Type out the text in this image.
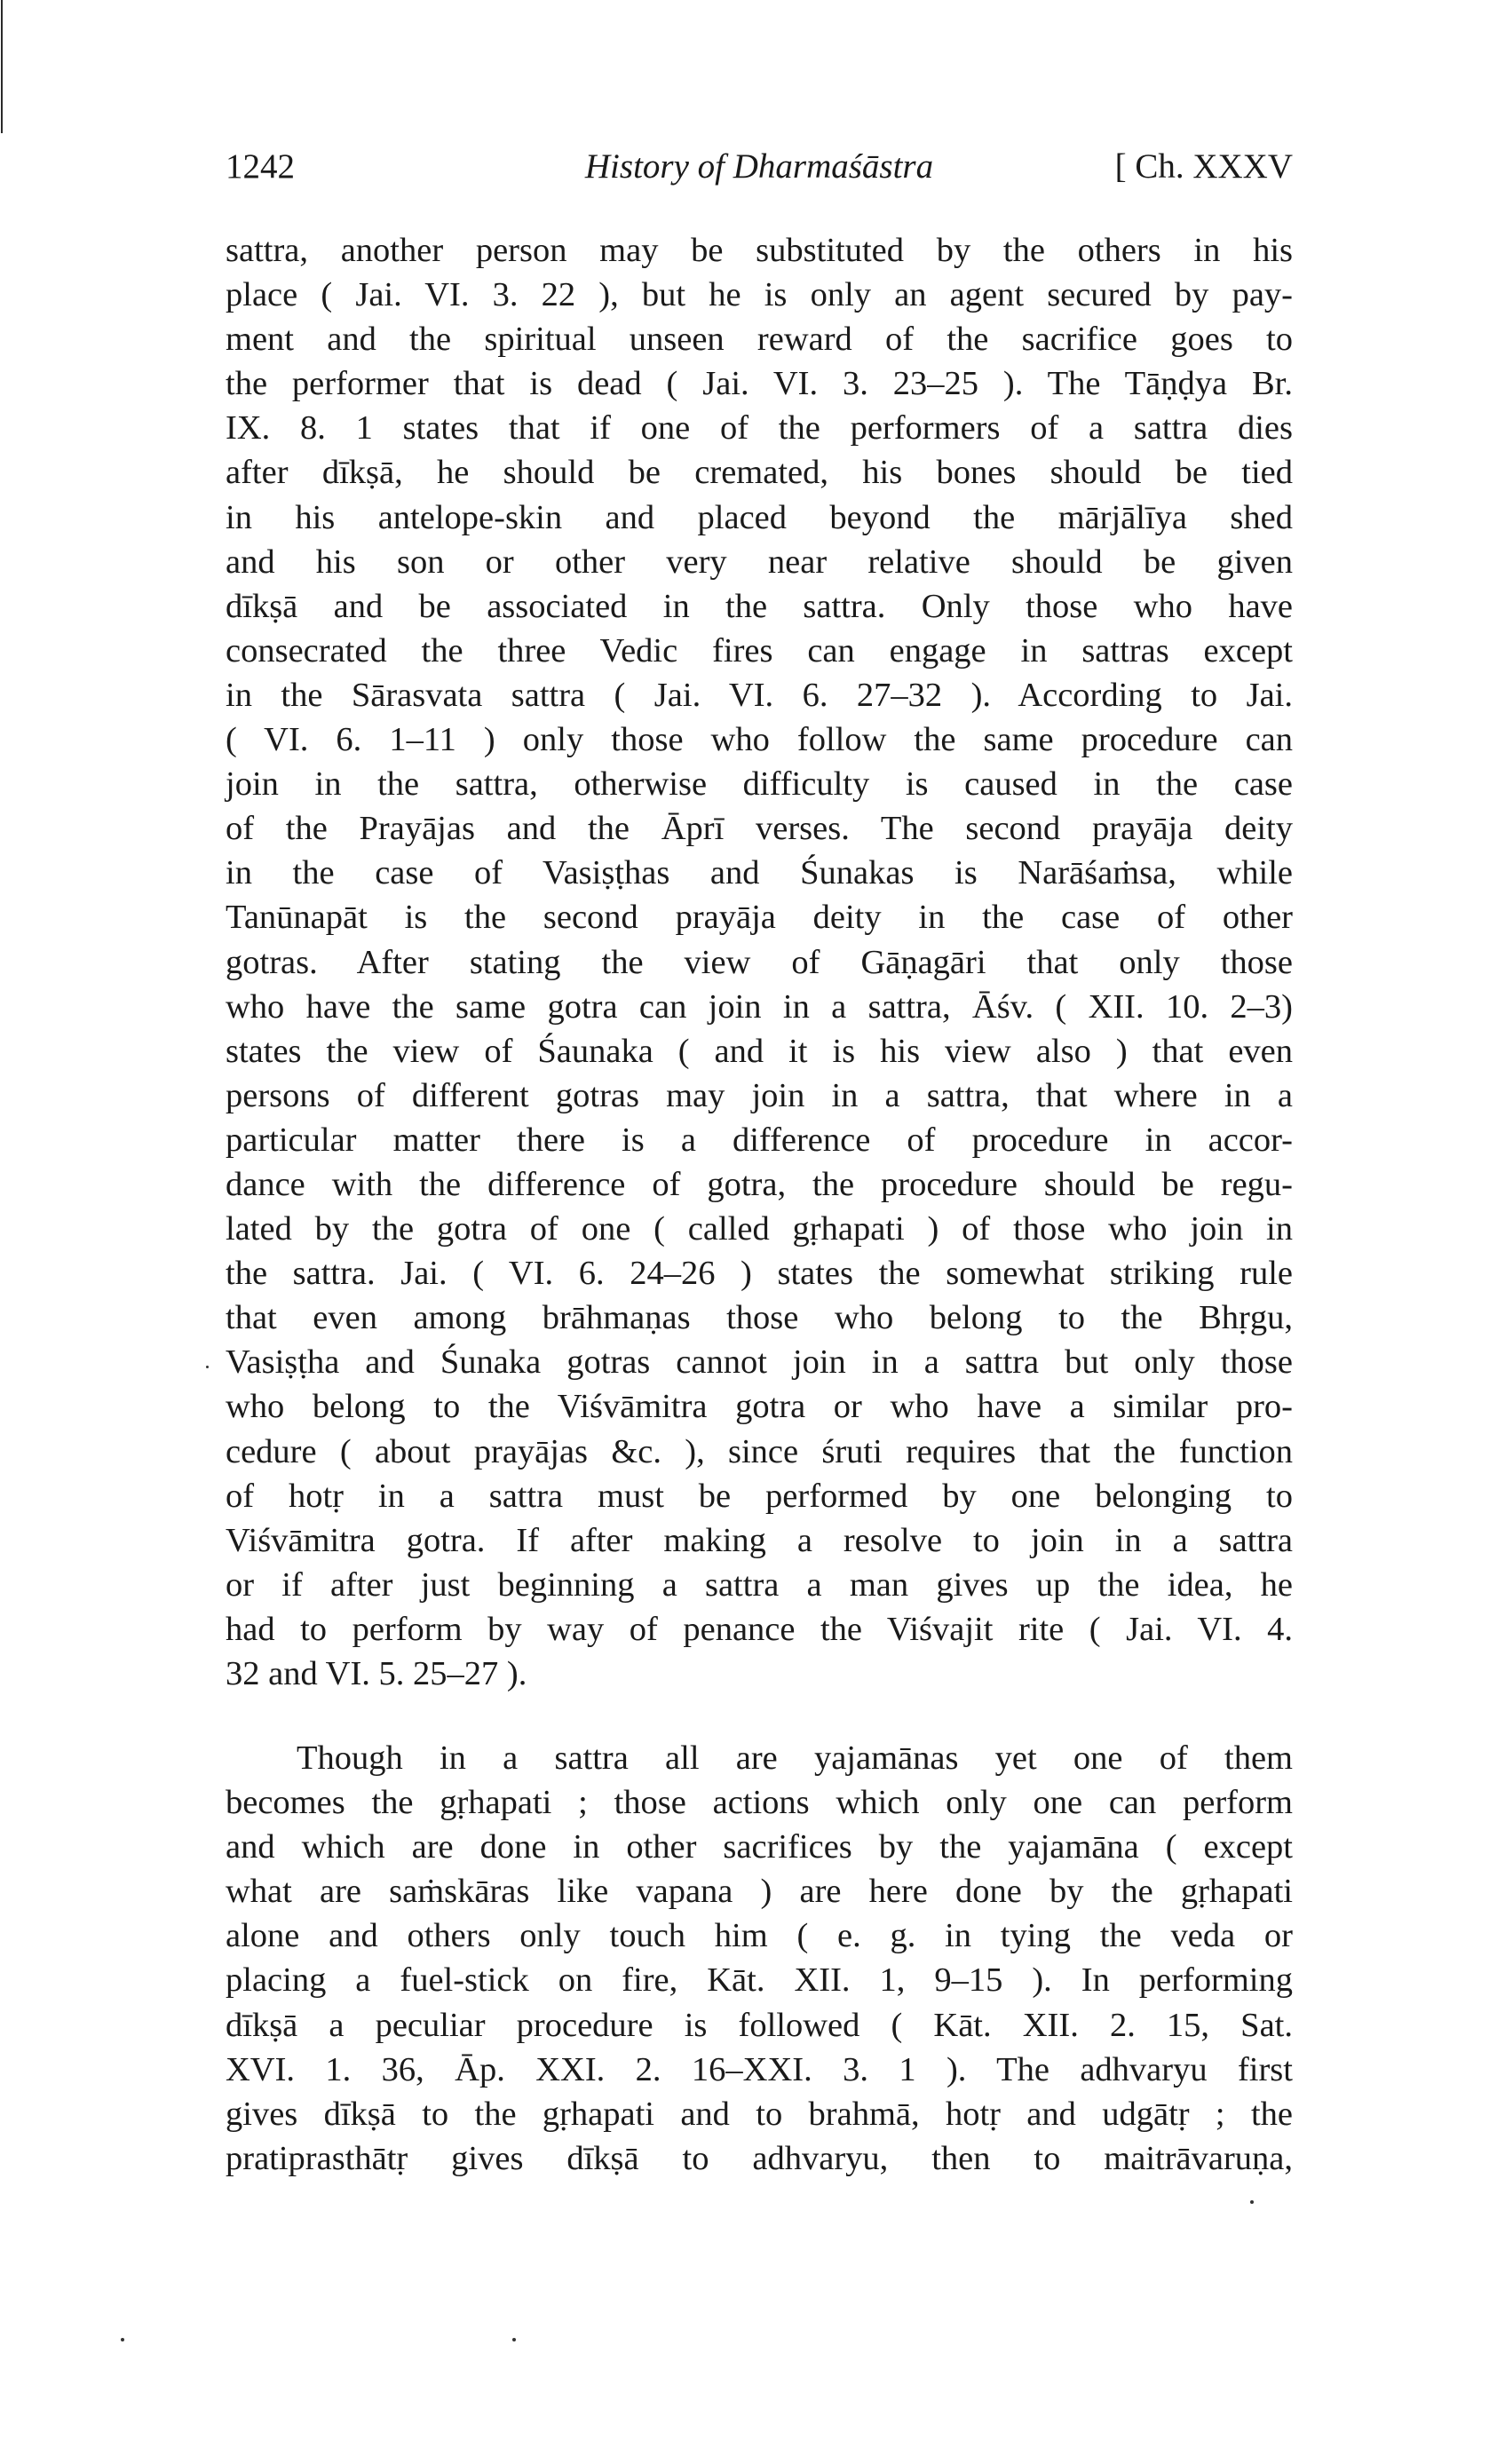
1242	History of Dharmaśāstra	[ Ch. XXXV
sattra, another person may be substituted by the others in his
place ( Jai. VI. 3. 22 ), but he is only an agent secured by pay-
ment and the spiritual unseen reward of the sacrifice goes to
the performer that is dead ( Jai. VI. 3. 23–25 ). The Tāṇḍya Br.
IX. 8. 1 states that if one of the performers of a sattra dies
after dīkṣā, he should be cremated, his bones should be tied
in his antelope-skin and placed beyond the mārjālīya shed
and his son or other very near relative should be given
dīkṣā and be associated in the sattra. Only those who have
consecrated the three Vedic fires can engage in sattras except
in the Sārasvata sattra ( Jai. VI. 6. 27–32 ). According to Jai.
( VI. 6. 1–11 ) only those who follow the same procedure can
join in the sattra, otherwise difficulty is caused in the case
of the Prayājas and the Āprī verses. The second prayāja deity
in the case of Vasiṣṭhas and Śunakas is Narāśaṁsa, while
Tanūnapāt is the second prayāja deity in the case of other
gotras. After stating the view of Gāṇagāri that only those
who have the same gotra can join in a sattra, Āśv. ( XII. 10. 2–3)
states the view of Śaunaka ( and it is his view also ) that even
persons of different gotras may join in a sattra, that where in a
particular matter there is a difference of procedure in accor-
dance with the difference of gotra, the procedure should be regu-
lated by the gotra of one ( called gṛhapati ) of those who join in
the sattra. Jai. ( VI. 6. 24–26 ) states the somewhat striking rule
that even among brāhmaṇas those who belong to the Bhṛgu,
Vasiṣṭha and Śunaka gotras cannot join in a sattra but only those
who belong to the Viśvāmitra gotra or who have a similar pro-
cedure ( about prayājas &c. ), since śruti requires that the function
of hotṛ in a sattra must be performed by one belonging to
Viśvāmitra gotra. If after making a resolve to join in a sattra
or if after just beginning a sattra a man gives up the idea, he
had to perform by way of penance the Viśvajit rite ( Jai. VI. 4.
32 and VI. 5. 25–27 ).
Though in a sattra all are yajamānas yet one of them
becomes the gṛhapati ; those actions which only one can perform
and which are done in other sacrifices by the yajamāna ( except
what are saṁskāras like vapana ) are here done by the gṛhapati
alone and others only touch him ( e. g. in tying the veda or
placing a fuel-stick on fire, Kāt. XII. 1, 9–15 ). In performing
dīkṣā a peculiar procedure is followed ( Kāt. XII. 2. 15, Sat.
XVI. 1. 36, Āp. XXI. 2. 16–XXI. 3. 1 ). The adhvaryu first
gives dīkṣā to the gṛhapati and to brahmā, hotṛ and udgātṛ ; the
pratiprasthātṛ gives dīkṣā to adhvaryu, then to maitrāvaruṇa,
